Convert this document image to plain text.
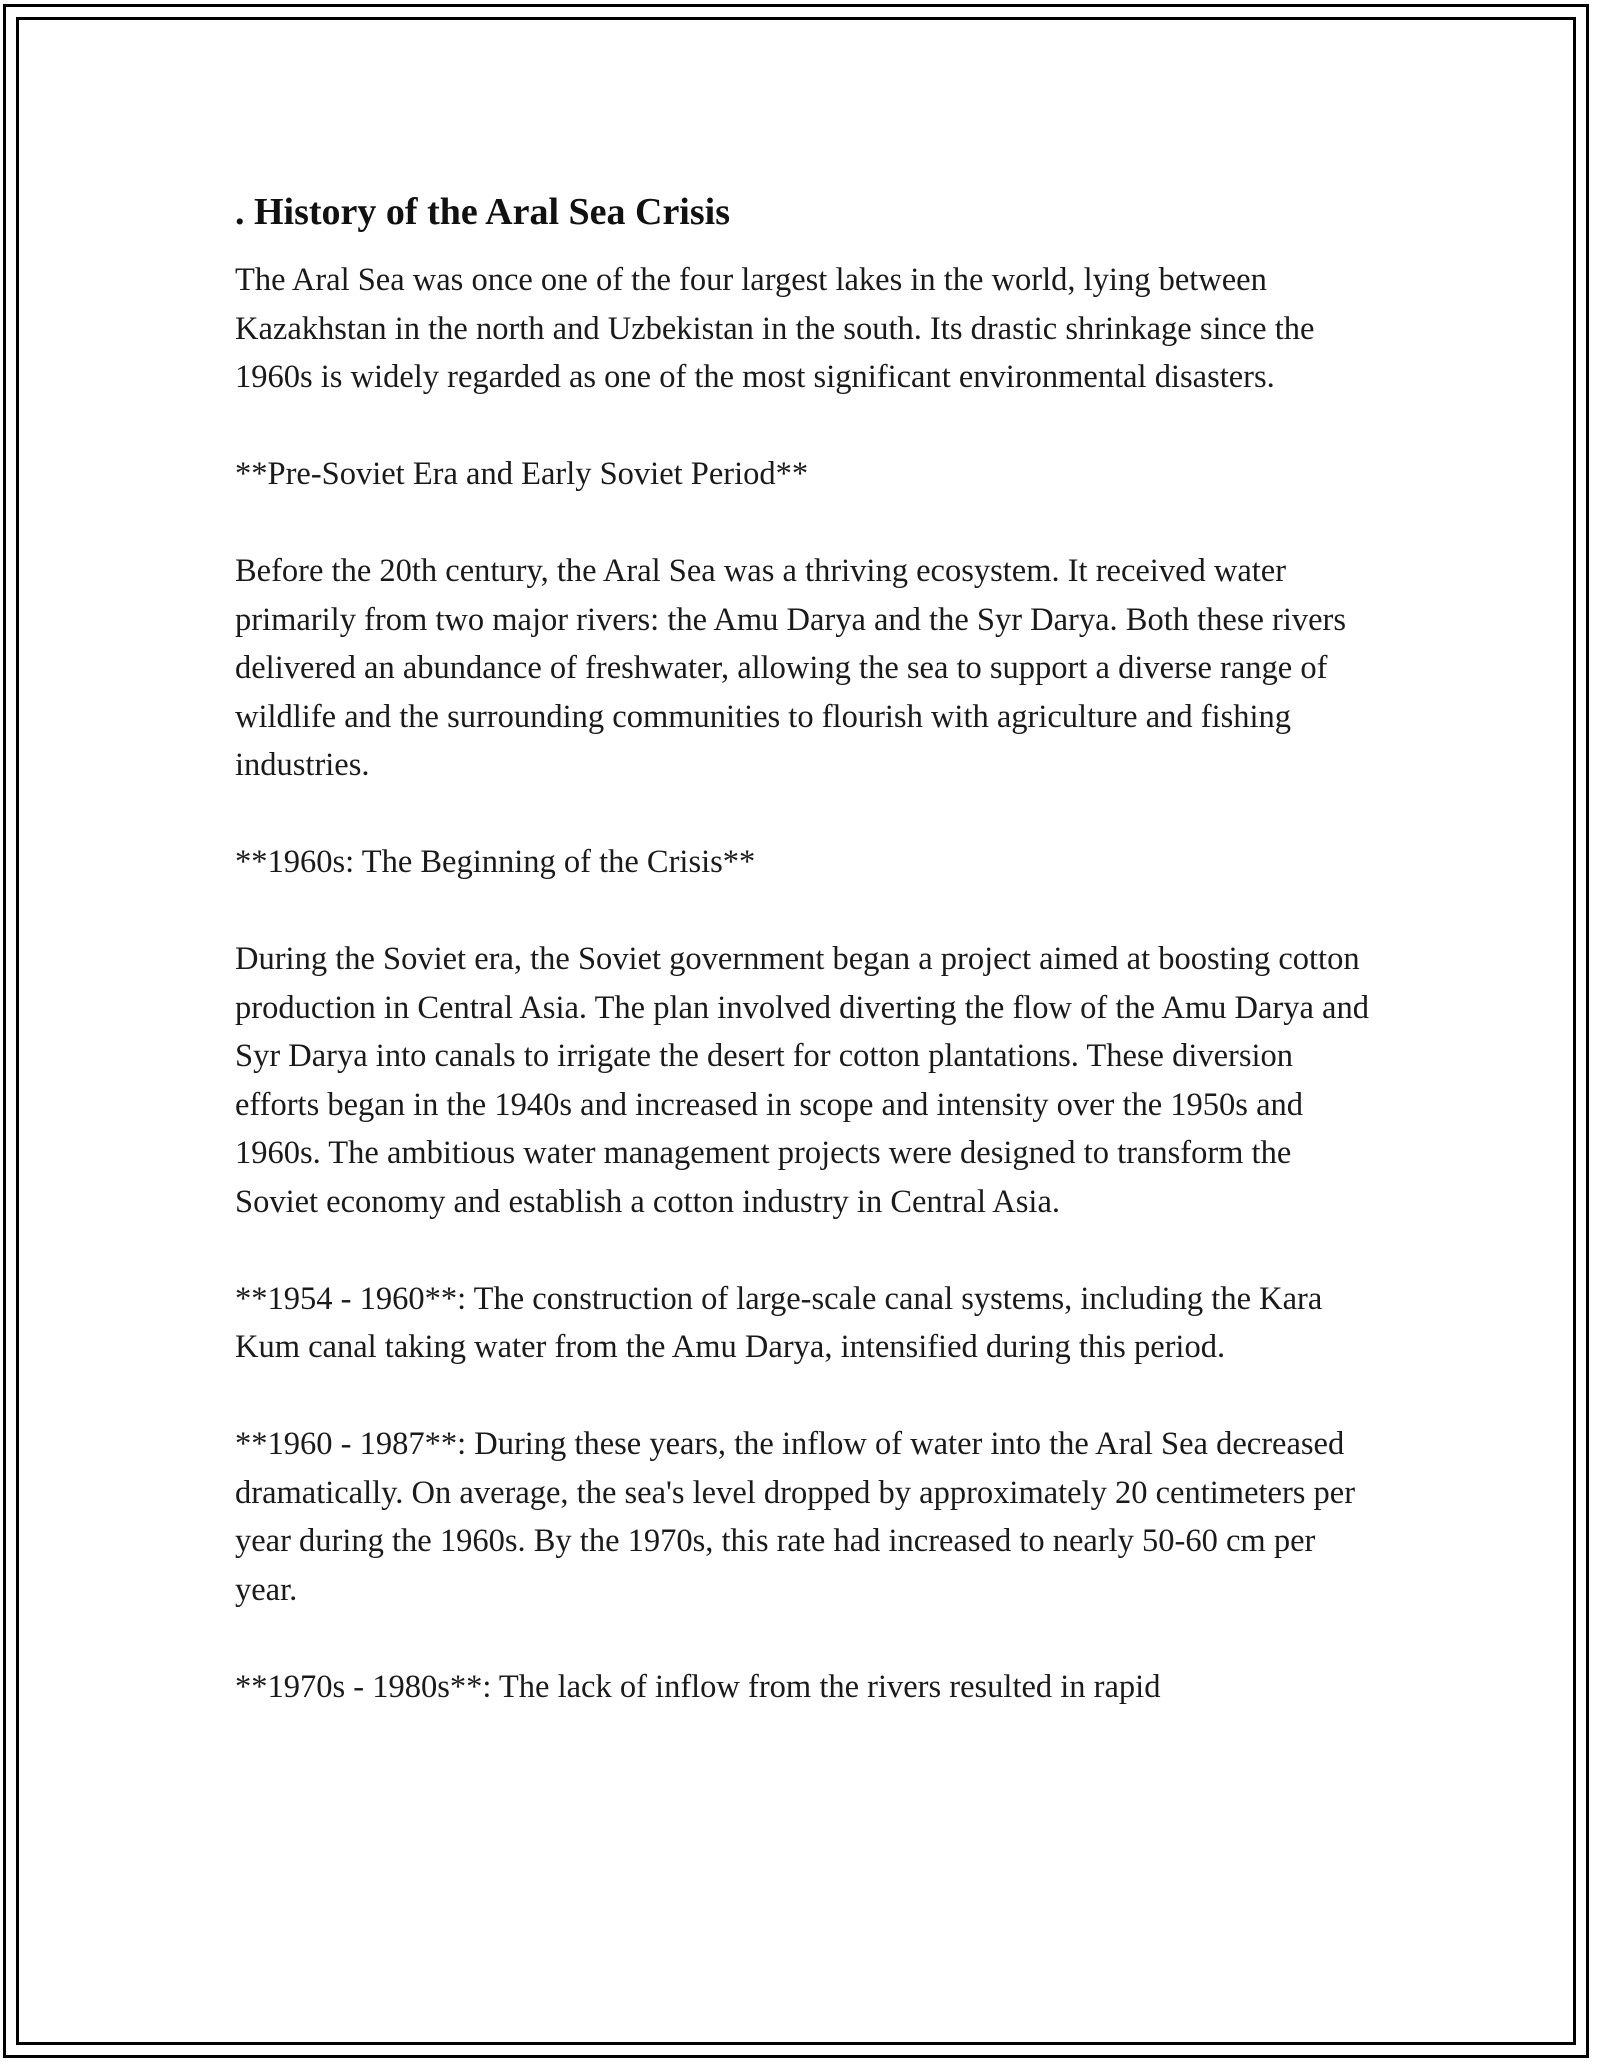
. History of the Aral Sea Crisis

The Aral Sea was once one of the four largest lakes in the world, lying between Kazakhstan in the north and Uzbekistan in the south. Its drastic shrinkage since the 1960s is widely regarded as one of the most significant environmental disasters.

**Pre-Soviet Era and Early Soviet Period**

Before the 20th century, the Aral Sea was a thriving ecosystem. It received water primarily from two major rivers: the Amu Darya and the Syr Darya. Both these rivers delivered an abundance of freshwater, allowing the sea to support a diverse range of wildlife and the surrounding communities to flourish with agriculture and fishing industries.

**1960s: The Beginning of the Crisis**

During the Soviet era, the Soviet government began a project aimed at boosting cotton production in Central Asia. The plan involved diverting the flow of the Amu Darya and Syr Darya into canals to irrigate the desert for cotton plantations. These diversion efforts began in the 1940s and increased in scope and intensity over the 1950s and 1960s. The ambitious water management projects were designed to transform the Soviet economy and establish a cotton industry in Central Asia.

**1954 - 1960**: The construction of large-scale canal systems, including the Kara Kum canal taking water from the Amu Darya, intensified during this period.

**1960 - 1987**: During these years, the inflow of water into the Aral Sea decreased dramatically. On average, the sea's level dropped by approximately 20 centimeters per year during the 1960s. By the 1970s, this rate had increased to nearly 50-60 cm per year.

**1970s - 1980s**: The lack of inflow from the rivers resulted in rapid
